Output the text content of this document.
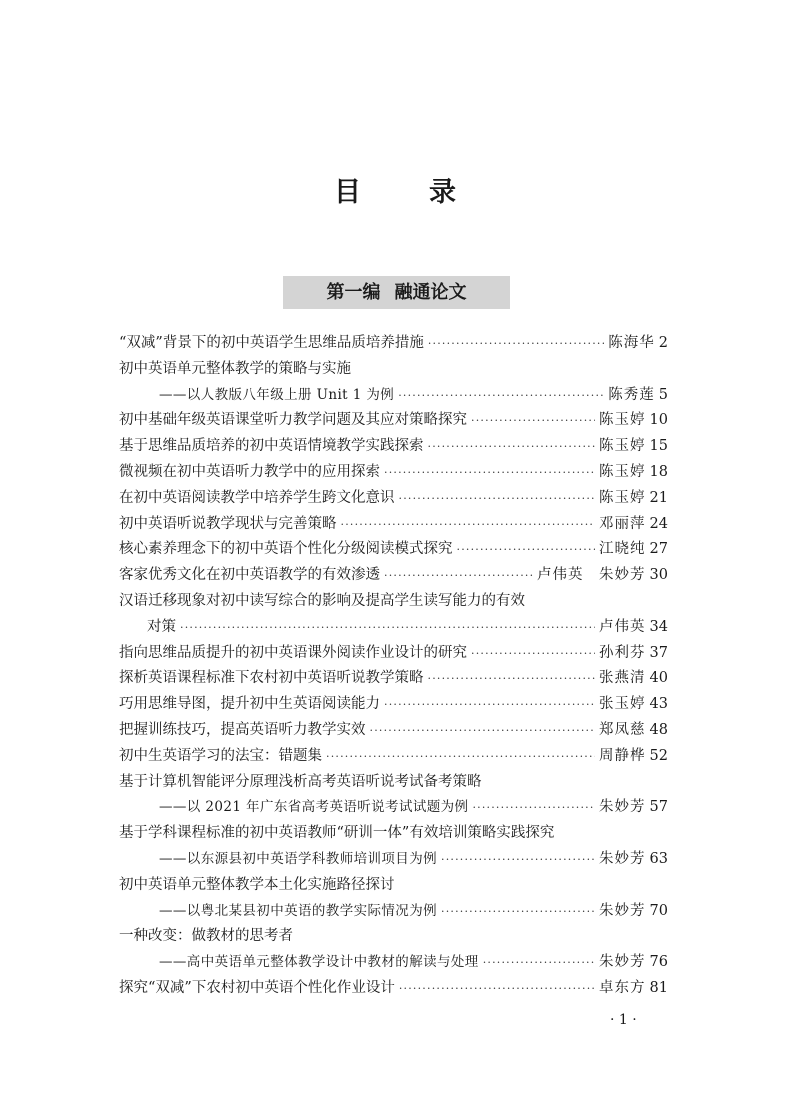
目	录
第一编 融通论文
“双减”背景下的初中英语学生思维品质培养措施 ·····	陈海华 2
初中英语单元整体教学的策略与实施
——以人教版八年级上册 Unit 1 为例 ·····	陈秀莲 5
初中基础年级英语课堂听力教学问题及其应对策略探究 ·····	陈玉婷 10
基于思维品质培养的初中英语情境教学实践探索 ·····	陈玉婷 15
微视频在初中英语听力教学中的应用探索 ·····	陈玉婷 18
在初中英语阅读教学中培养学生跨文化意识 ·····	陈玉婷 21
初中英语听说教学现状与完善策略 ·····	邓丽萍 24
核心素养理念下的初中英语个性化分级阅读模式探究 ·····	江晓纯 27
客家优秀文化在初中英语教学的有效渗透 ·····	卢伟英　朱妙芳 30
汉语迁移现象对初中读写综合的影响及提高学生读写能力的有效
对策 ·····	卢伟英 34
指向思维品质提升的初中英语课外阅读作业设计的研究 ·····	孙利芬 37
探析英语课程标准下农村初中英语听说教学策略 ·····	张燕清 40
巧用思维导图，提升初中生英语阅读能力 ·····	张玉婷 43
把握训练技巧，提高英语听力教学实效 ·····	郑凤慈 48
初中生英语学习的法宝：错题集 ·····	周静桦 52
基于计算机智能评分原理浅析高考英语听说考试备考策略
——以 2021 年广东省高考英语听说考试试题为例 ·····	朱妙芳 57
基于学科课程标准的初中英语教师“研训一体”有效培训策略实践探究
——以东源县初中英语学科教师培训项目为例 ·····	朱妙芳 63
初中英语单元整体教学本土化实施路径探讨
——以粤北某县初中英语的教学实际情况为例 ·····	朱妙芳 70
一种改变：做教材的思考者
——高中英语单元整体教学设计中教材的解读与处理 ·····	朱妙芳 76
探究“双减”下农村初中英语个性化作业设计 ·····	卓东方 81
· 1 ·
